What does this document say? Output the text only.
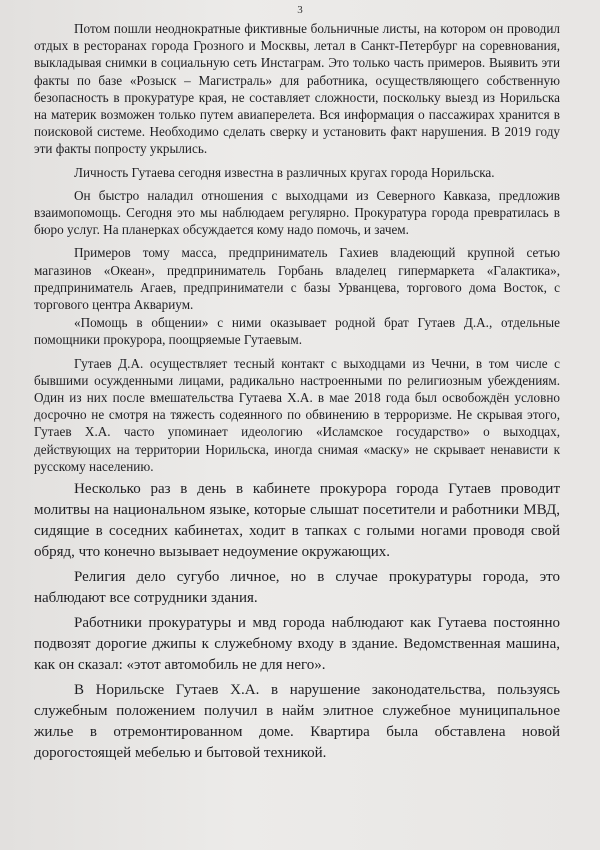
3

Потом пошли неоднократные фиктивные больничные листы, на котором он проводил отдых в ресторанах города Грозного и Москвы, летал в Санкт-Петербург на соревнования, выкладывая снимки в социальную сеть Инстаграм. Это только часть примеров. Выявить эти факты по базе «Розыск – Магистраль» для работника, осуществляющего собственную безопасность в прокуратуре края, не составляет сложности, поскольку выезд из Норильска на материк возможен только путем авиаперелета. Вся информация о пассажирах хранится в поисковой системе. Необходимо сделать сверку и установить факт нарушения. В 2019 году эти факты попросту укрылись.

Личность Гутаева сегодня известна в различных кругах города Норильска.

Он быстро наладил отношения с выходцами из Северного Кавказа, предложив взаимопомощь. Сегодня это мы наблюдаем регулярно. Прокуратура города превратилась в бюро услуг. На планерках обсуждается кому надо помочь, и зачем.

Примеров тому масса, предприниматель Гахиев владеющий крупной сетью магазинов «Океан», предприниматель Горбань владелец гипермаркета «Галактика», предприниматель Агаев, предприниматели с базы Урванцева, торгового дома Восток, с торгового центра Аквариум.

«Помощь в общении» с ними оказывает родной брат Гутаев Д.А., отдельные помощники прокурора, поощряемые Гутаевым.

Гутаев Д.А. осуществляет тесный контакт с выходцами из Чечни, в том числе с бывшими осужденными лицами, радикально настроенными по религиозным убеждениям. Один из них после вмешательства Гутаева Х.А. в мае 2018 года был освобождён условно досрочно не смотря на тяжесть содеянного по обвинению в терроризме. Не скрывая этого, Гутаев Х.А. часто упоминает идеологию «Исламское государство» о выходцах, действующих на территории Норильска, иногда снимая «маску» не скрывает ненависти к русскому населению.

Несколько раз в день в кабинете прокурора города Гутаев проводит молитвы на национальном языке, которые слышат посетители и работники МВД, сидящие в соседних кабинетах, ходит в тапках с голыми ногами проводя свой обряд, что конечно вызывает недоумение окружающих.

Религия дело сугубо личное, но в случае прокуратуры города, это наблюдают все сотрудники здания.

Работники прокуратуры и мвд города наблюдают как Гутаева постоянно подвозят дорогие джипы к служебному входу в здание. Ведомственная машина, как он сказал: «этот автомобиль не для него».

В Норильске Гутаев Х.А. в нарушение законодательства, пользуясь служебным положением получил в найм элитное служебное муниципальное жилье в отремонтированном доме. Квартира была обставлена новой дорогостоящей мебелью и бытовой техникой.
